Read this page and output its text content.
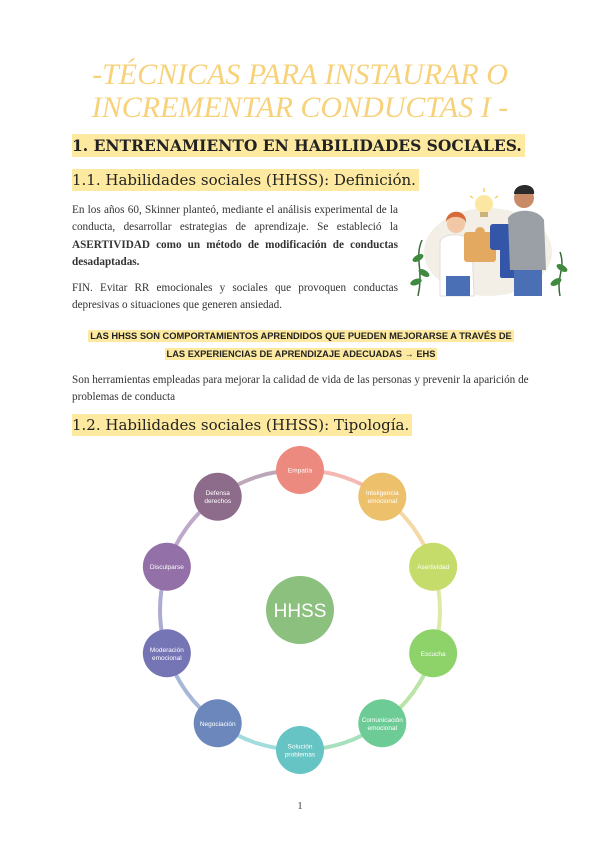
-TÉCNICAS PARA INSTAURAR O
INCREMENTAR CONDUCTAS I -
1. ENTRENAMIENTO EN HABILIDADES SOCIALES.
1.1. Habilidades sociales (HHSS): Definición.
En los años 60, Skinner planteó, mediante el análisis experimental de la conducta, desarrollar estrategias de aprendizaje. Se estableció la ASERTIVIDAD como un método de modificación de conductas desadaptadas.
FIN. Evitar RR emocionales y sociales que provoquen conductas depresivas o situaciones que generen ansiedad.
LAS HHSS SON COMPORTAMIENTOS APRENDIDOS QUE PUEDEN MEJORARSE A TRAVÉS DE
LAS EXPERIENCIAS DE APRENDIZAJE ADECUADAS → EHS
Son herramientas empleadas para mejorar la calidad de vida de las personas y prevenir la aparición de problemas de conducta
1.2. Habilidades sociales (HHSS): Tipología.
HHSS
Empatía
Inteligencia emocional
Asertividad
Escucha
Comunicación emocional
Solución problemas
Negociación
Moderación emocional
Disculparse
Defensa derechos
1
